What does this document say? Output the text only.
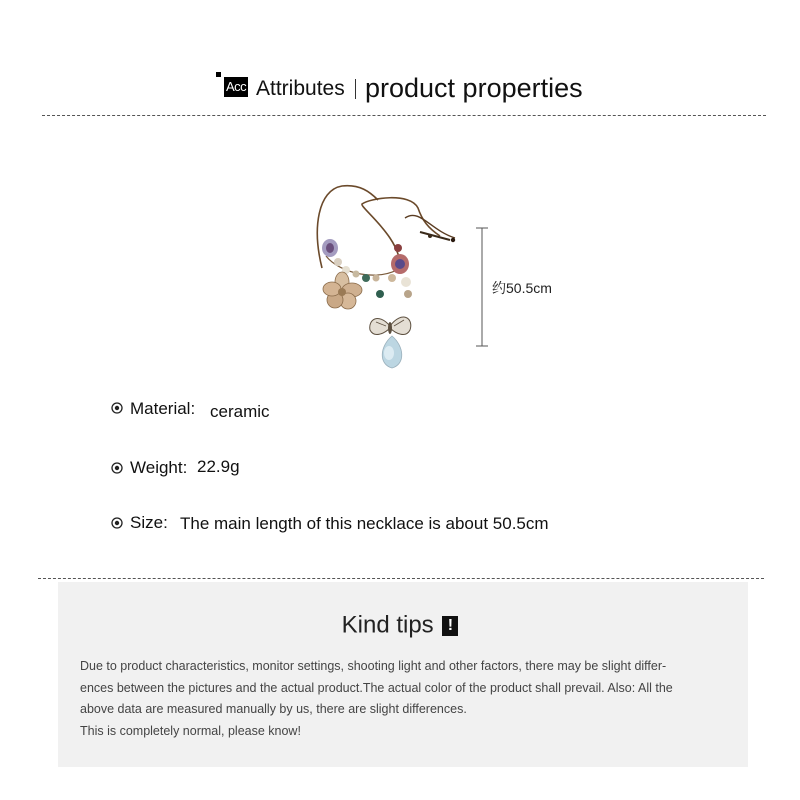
Acc Attributes product properties
约50.5cm
Material: ceramic
Weight: 22.9g
Size: The main length of this necklace is about 50.5cm
Kind tips !

Due to product characteristics, monitor settings, shooting light and other factors, there may be slight differ-

ences between the pictures and the actual product.The actual color of the product shall prevail. Also: All the

above data are measured manually by us, there are slight differences.

This is completely normal, please know!
